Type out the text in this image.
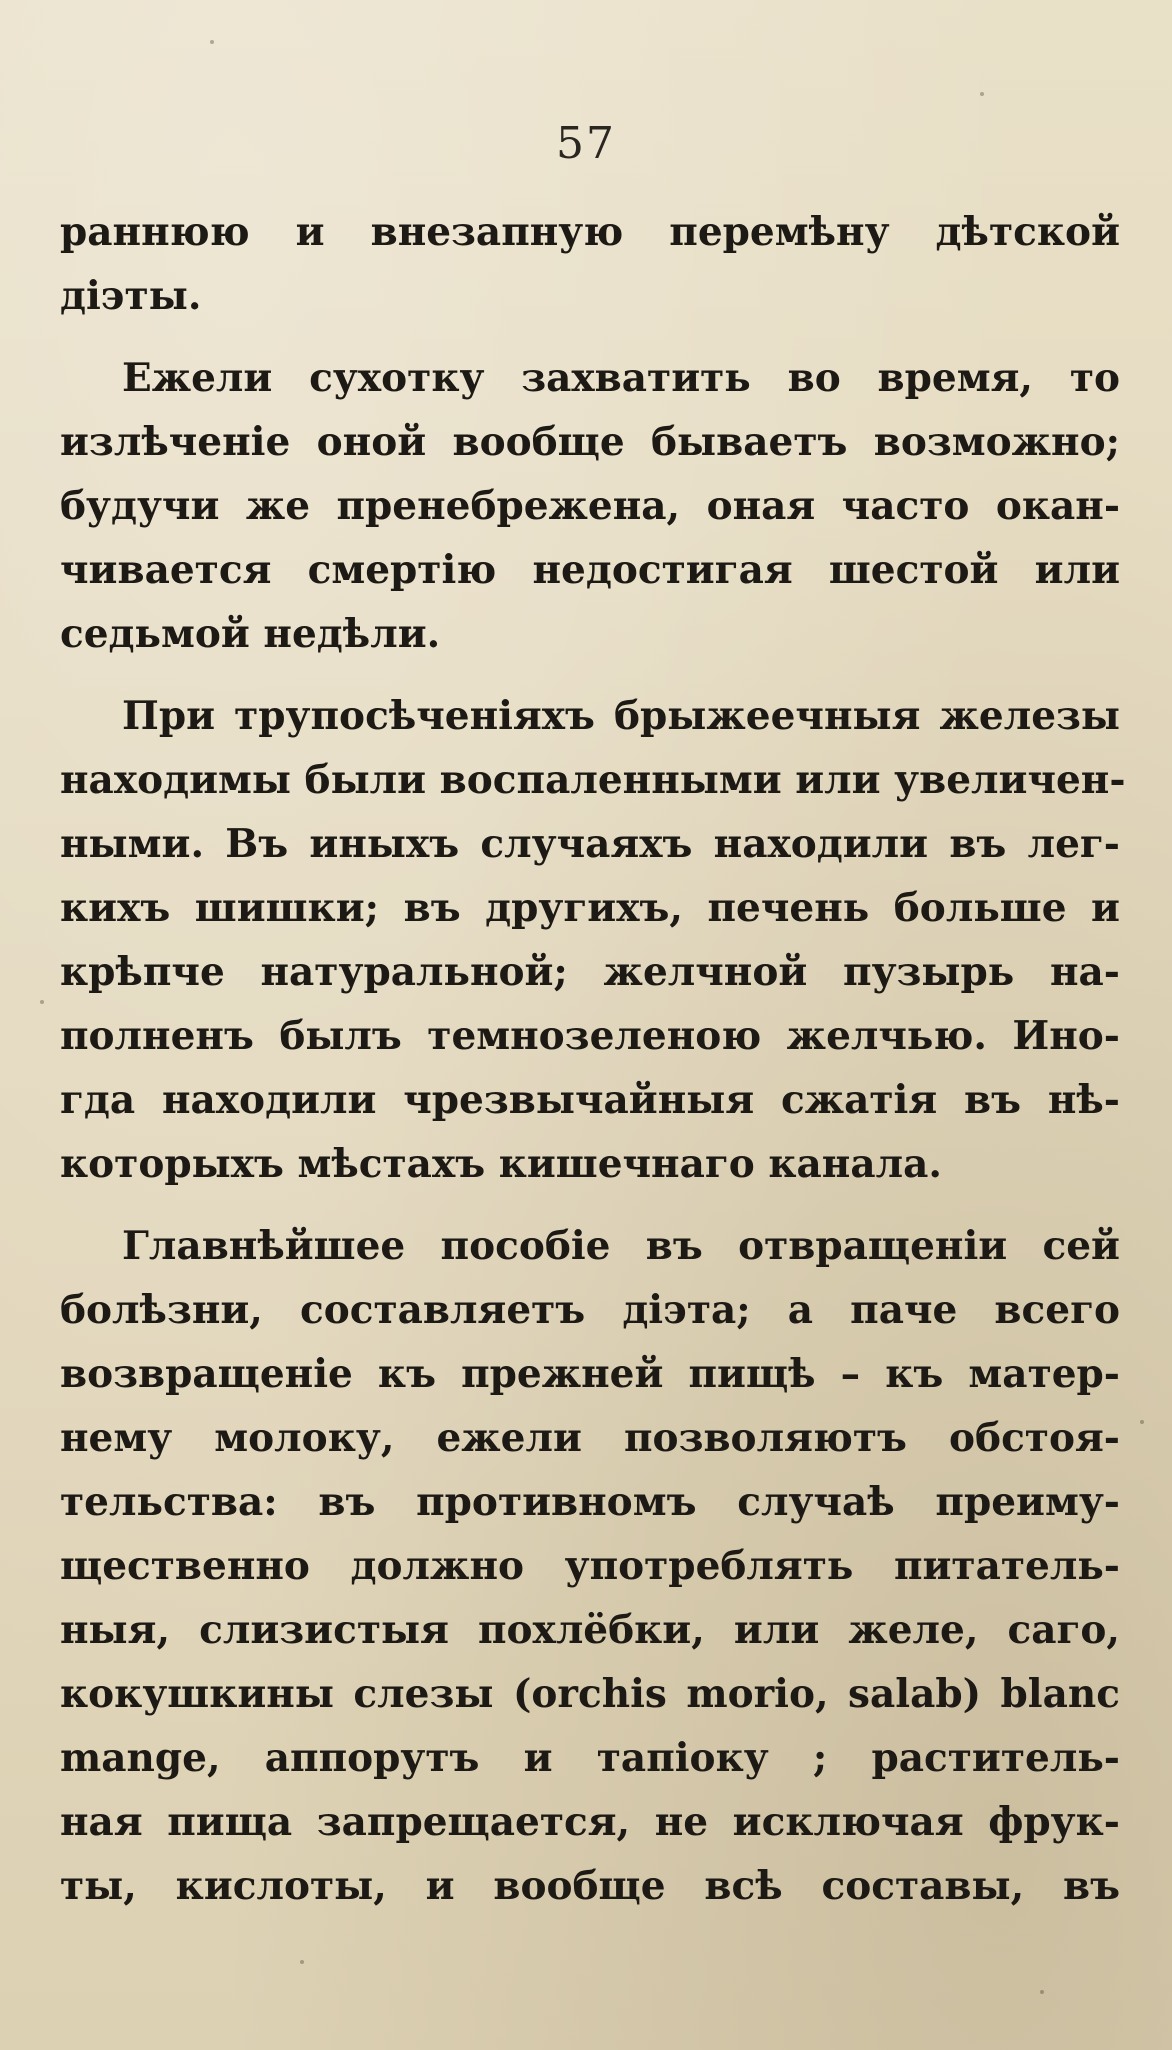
57
раннюю и внезапную перемѣну дѣтской
діэты.
Ежели сухотку захватить во время, то
излѣченіе оной вообще бываетъ возможно;
будучи же пренебрежена, оная часто окан-
чивается смертію недостигая шестой или
седьмой недѣли.
При трупосѣченіяхъ брыжеечныя железы
находимы были воспаленными или увеличен-
ными. Въ иныхъ случаяхъ находили въ лег-
кихъ шишки; въ другихъ, печень больше и
крѣпче натуральной; желчной пузырь на-
полненъ былъ темнозеленою желчью. Ино-
гда находили чрезвычайныя сжатія въ нѣ-
которыхъ мѣстахъ кишечнаго канала.
Главнѣйшее пособіе въ отвращеніи сей
болѣзни, составляетъ діэта; а паче всего
возвращеніе къ прежней пищѣ – къ матер-
нему молоку, ежели позволяютъ обстоя-
тельства: въ противномъ случаѣ преиму-
щественно должно употреблять питатель-
ныя, слизистыя похлёбки, или желе, саго,
кокушкины слезы (orchis morio, salab) blanc
mange, аппорутъ и тапіоку ; раститель-
ная пища запрещается, не исключая фрук-
ты, кислоты, и вообще всѣ составы, въ
